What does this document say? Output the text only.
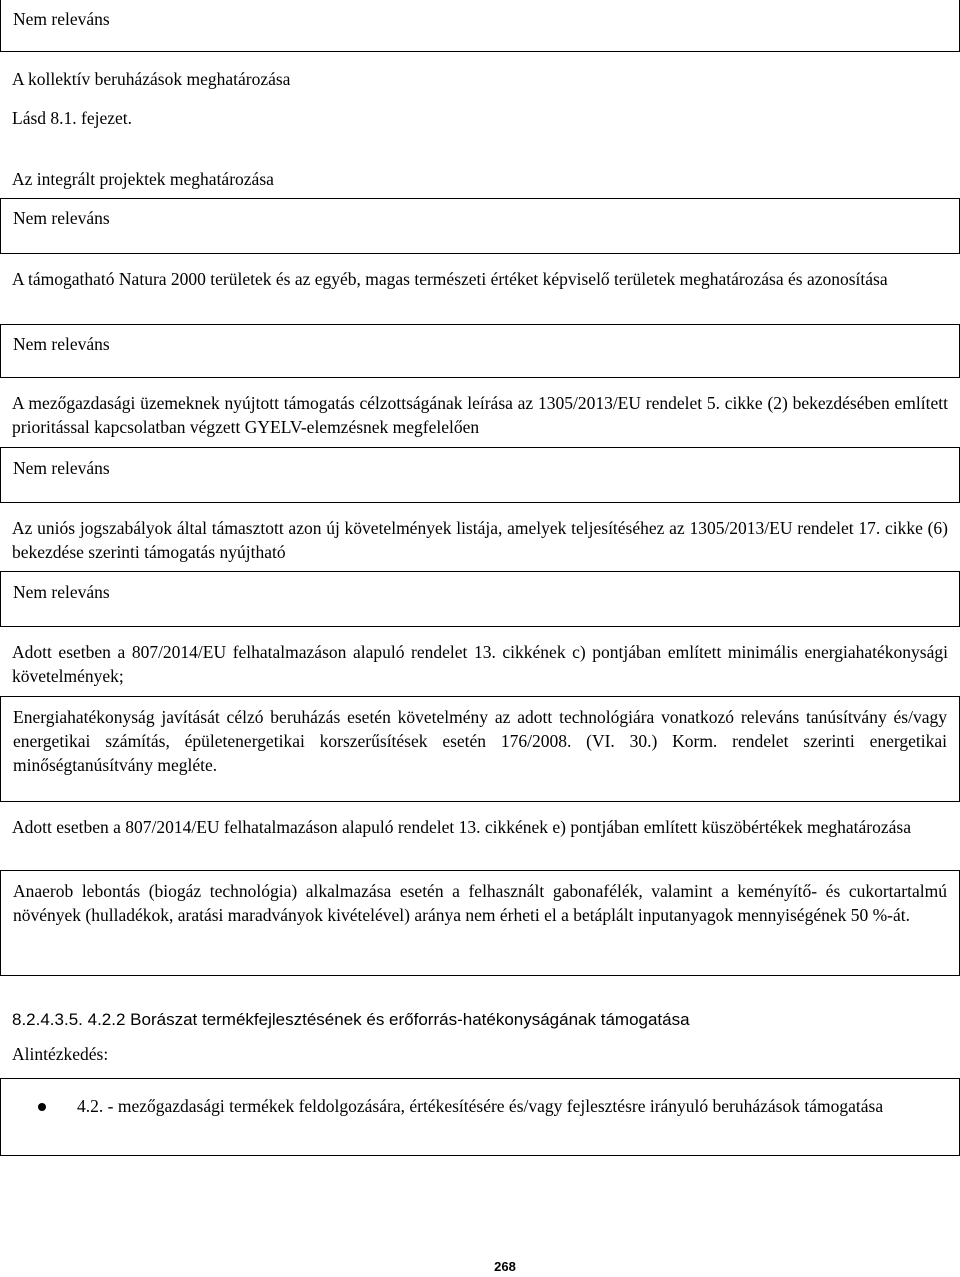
Nem releváns

A kollektív beruházások meghatározása

Lásd 8.1. fejezet.

Az integrált projektek meghatározása

Nem releváns

A támogatható Natura 2000 területek és az egyéb, magas természeti értéket képviselő területek meghatározása és azonosítása

Nem releváns

A mezőgazdasági üzemeknek nyújtott támogatás célzottságának leírása az 1305/2013/EU rendelet 5. cikke (2) bekezdésében említett prioritással kapcsolatban végzett GYELV-elemzésnek megfelelően

Nem releváns

Az uniós jogszabályok által támasztott azon új követelmények listája, amelyek teljesítéséhez az 1305/2013/EU rendelet 17. cikke (6) bekezdése szerinti támogatás nyújtható

Nem releváns

Adott esetben a 807/2014/EU felhatalmazáson alapuló rendelet 13. cikkének c) pontjában említett minimális energiahatékonysági követelmények;

Energiahatékonyság javítását célzó beruházás esetén követelmény az adott technológiára vonatkozó releváns tanúsítvány és/vagy energetikai számítás, épületenergetikai korszerűsítések esetén 176/2008. (VI. 30.) Korm. rendelet szerinti energetikai minőségtanúsítvány megléte.

Adott esetben a 807/2014/EU felhatalmazáson alapuló rendelet 13. cikkének e) pontjában említett küszöbértékek meghatározása

Anaerob lebontás (biogáz technológia) alkalmazása esetén a felhasznált gabonafélék, valamint a keményítő- és cukortartalmú növények (hulladékok, aratási maradványok kivételével) aránya nem érheti el a betáplált inputanyagok mennyiségének 50 %-át.

8.2.4.3.5. 4.2.2 Borászat termékfejlesztésének és erőforrás-hatékonyságának támogatása

Alintézkedés:

4.2. - mezőgazdasági termékek feldolgozására, értékesítésére és/vagy fejlesztésre irányuló beruházások támogatása

268
